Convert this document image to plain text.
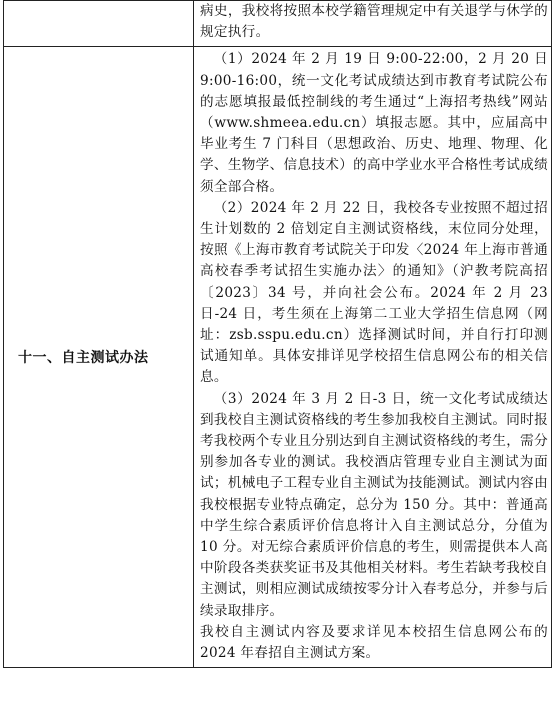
	病史，我校将按照本校学籍管理规定中有关退学与休学的规定执行。

十一、自主测试办法	（1）2024 年 2 月 19 日 9:00-22:00，2 月 20 日 9:00-16:00，统一文化考试成绩达到市教育考试院公布的志愿填报最低控制线的考生通过“上海招考热线”网站（www.shmeea.edu.cn）填报志愿。其中，应届高中毕业考生 7 门科目（思想政治、历史、地理、物理、化学、生物学、信息技术）的高中学业水平合格性考试成绩须全部合格。

（2）2024 年 2 月 22 日，我校各专业按照不超过招生计划数的 2 倍划定自主测试资格线，末位同分处理，按照《上海市教育考试院关于印发〈2024 年上海市普通高校春季考试招生实施办法〉的通知》（沪教考院高招〔2023〕34 号，并向社会公布。2024 年 2 月 23 日-24 日，考生须在上海第二工业大学招生信息网（网址：zsb.sspu.edu.cn）选择测试时间，并自行打印测试通知单。具体安排详见学校招生信息网公布的相关信息。

（3）2024 年 3 月 2 日-3 日，统一文化考试成绩达到我校自主测试资格线的考生参加我校自主测试。同时报考我校两个专业且分别达到自主测试资格线的考生，需分别参加各专业的测试。我校酒店管理专业自主测试为面试；机械电子工程专业自主测试为技能测试。测试内容由我校根据专业特点确定，总分为 150 分。其中：普通高中学生综合素质评价信息将计入自主测试总分，分值为 10 分。对无综合素质评价信息的考生，则需提供本人高中阶段各类获奖证书及其他相关材料。考生若缺考我校自主测试，则相应测试成绩按零分计入春考总分，并参与后续录取排序。

我校自主测试内容及要求详见本校招生信息网公布的 2024 年春招自主测试方案。
